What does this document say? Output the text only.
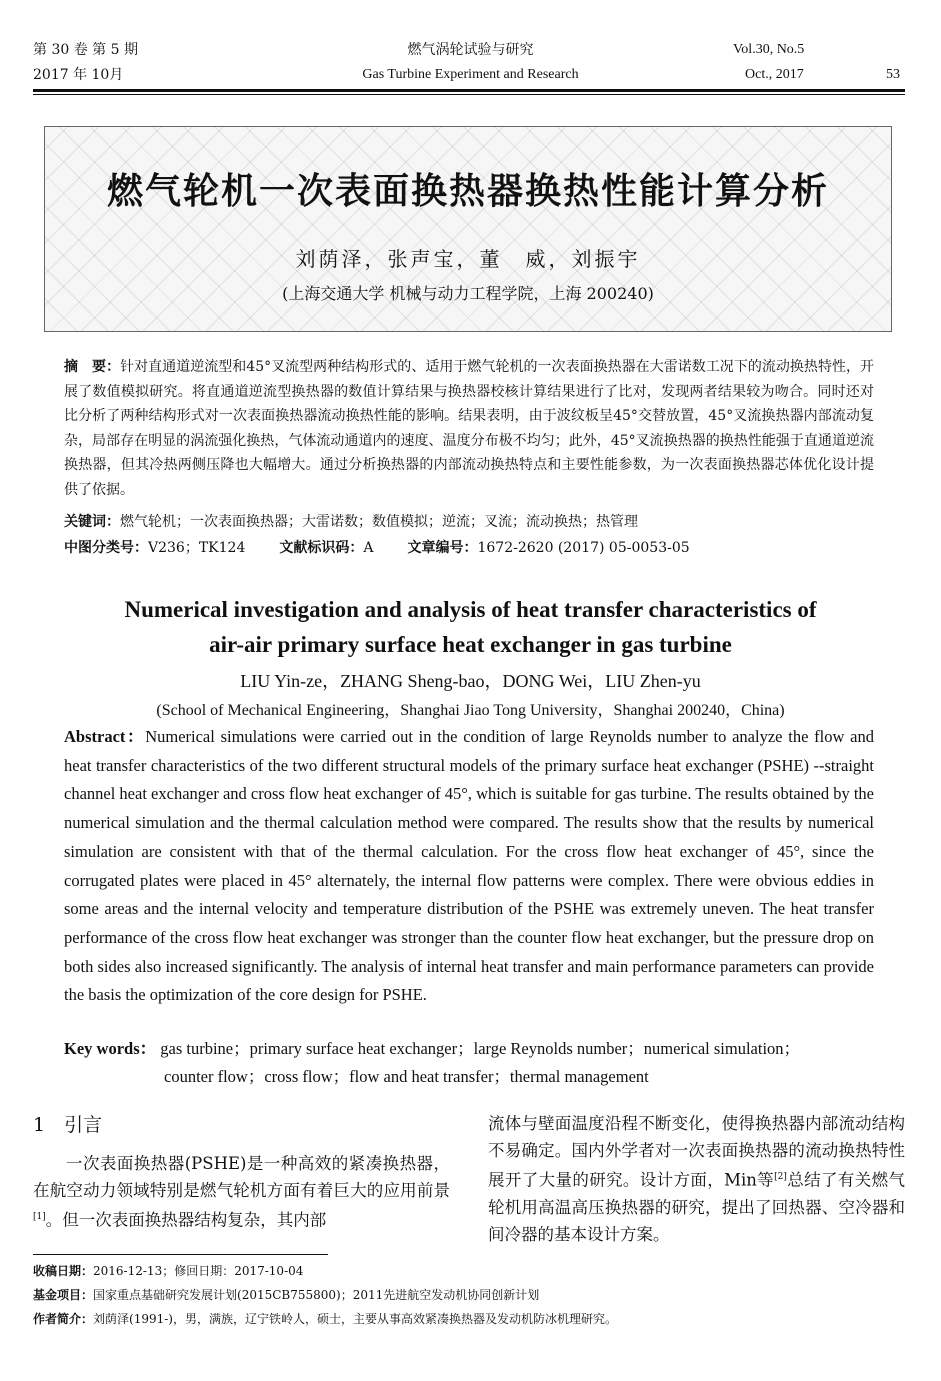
第 30 卷 第 5 期
2017 年 10月
燃气涡轮试验与研究
Gas Turbine Experiment and Research
Vol.30, No.5
Oct., 2017	53
燃气轮机一次表面换热器换热性能计算分析
刘荫泽，张声宝，董　威，刘振宇
(上海交通大学 机械与动力工程学院，上海 200240)
摘　要：针对直通道逆流型和45°叉流型两种结构形式的、适用于燃气轮机的一次表面换热器在大雷诺数工况下的流动换热特性，开展了数值模拟研究。将直通道逆流型换热器的数值计算结果与换热器校核计算结果进行了比对，发现两者结果较为吻合。同时还对比分析了两种结构形式对一次表面换热器流动换热性能的影响。结果表明，由于波纹板呈45°交替放置，45°叉流换热器内部流动复杂，局部存在明显的涡流强化换热，气体流动通道内的速度、温度分布极不均匀；此外，45°叉流换热器的换热性能强于直通道逆流换热器，但其冷热两侧压降也大幅增大。通过分析换热器的内部流动换热特点和主要性能参数，为一次表面换热器芯体优化设计提供了依据。
关键词：燃气轮机；一次表面换热器；大雷诺数；数值模拟；逆流；叉流；流动换热；热管理
中图分类号：V236；TK124 文献标识码：A 文章编号：1672-2620 (2017) 05-0053-05
Numerical investigation and analysis of heat transfer characteristics of
air-air primary surface heat exchanger in gas turbine
LIU Yin-ze，ZHANG Sheng-bao，DONG Wei，LIU Zhen-yu
(School of Mechanical Engineering，Shanghai Jiao Tong University，Shanghai 200240，China)
Abstract：Numerical simulations were carried out in the condition of large Reynolds number to analyze the flow and heat transfer characteristics of the two different structural models of the primary surface heat exchanger (PSHE) --straight channel heat exchanger and cross flow heat exchanger of 45°, which is suitable for gas turbine. The results obtained by the numerical simulation and the thermal calculation method were compared. The results show that the results by numerical simulation are consistent with that of the thermal calculation. For the cross flow heat exchanger of 45°, since the corrugated plates were placed in 45° alternately, the internal flow patterns were complex. There were obvious eddies in some areas and the internal velocity and temperature distribution of the PSHE was extremely uneven. The heat transfer performance of the cross flow heat exchanger was stronger than the counter flow heat exchanger, but the pressure drop on both sides also increased significantly. The analysis of internal heat transfer and main performance parameters can provide the basis the optimization of the core design for PSHE.
Key words： gas turbine；primary surface heat exchanger；large Reynolds number；numerical simulation；
counter flow；cross flow；flow and heat transfer；thermal management
1　引言
一次表面换热器(PSHE)是一种高效的紧凑换热器，在航空动力领域特别是燃气轮机方面有着巨大的应用前景[1]。但一次表面换热器结构复杂，其内部
流体与壁面温度沿程不断变化，使得换热器内部流动结构不易确定。国内外学者对一次表面换热器的流动换热特性展开了大量的研究。设计方面，Min等[2]总结了有关燃气轮机用高温高压换热器的研究，提出了回热器、空冷器和间冷器的基本设计方案。
收稿日期：2016-12-13；修回日期：2017-10-04
基金项目：国家重点基础研究发展计划(2015CB755800)；2011先进航空发动机协同创新计划
作者简介：刘荫泽(1991-)，男，满族，辽宁铁岭人，硕士，主要从事高效紧凑换热器及发动机防冰机理研究。
